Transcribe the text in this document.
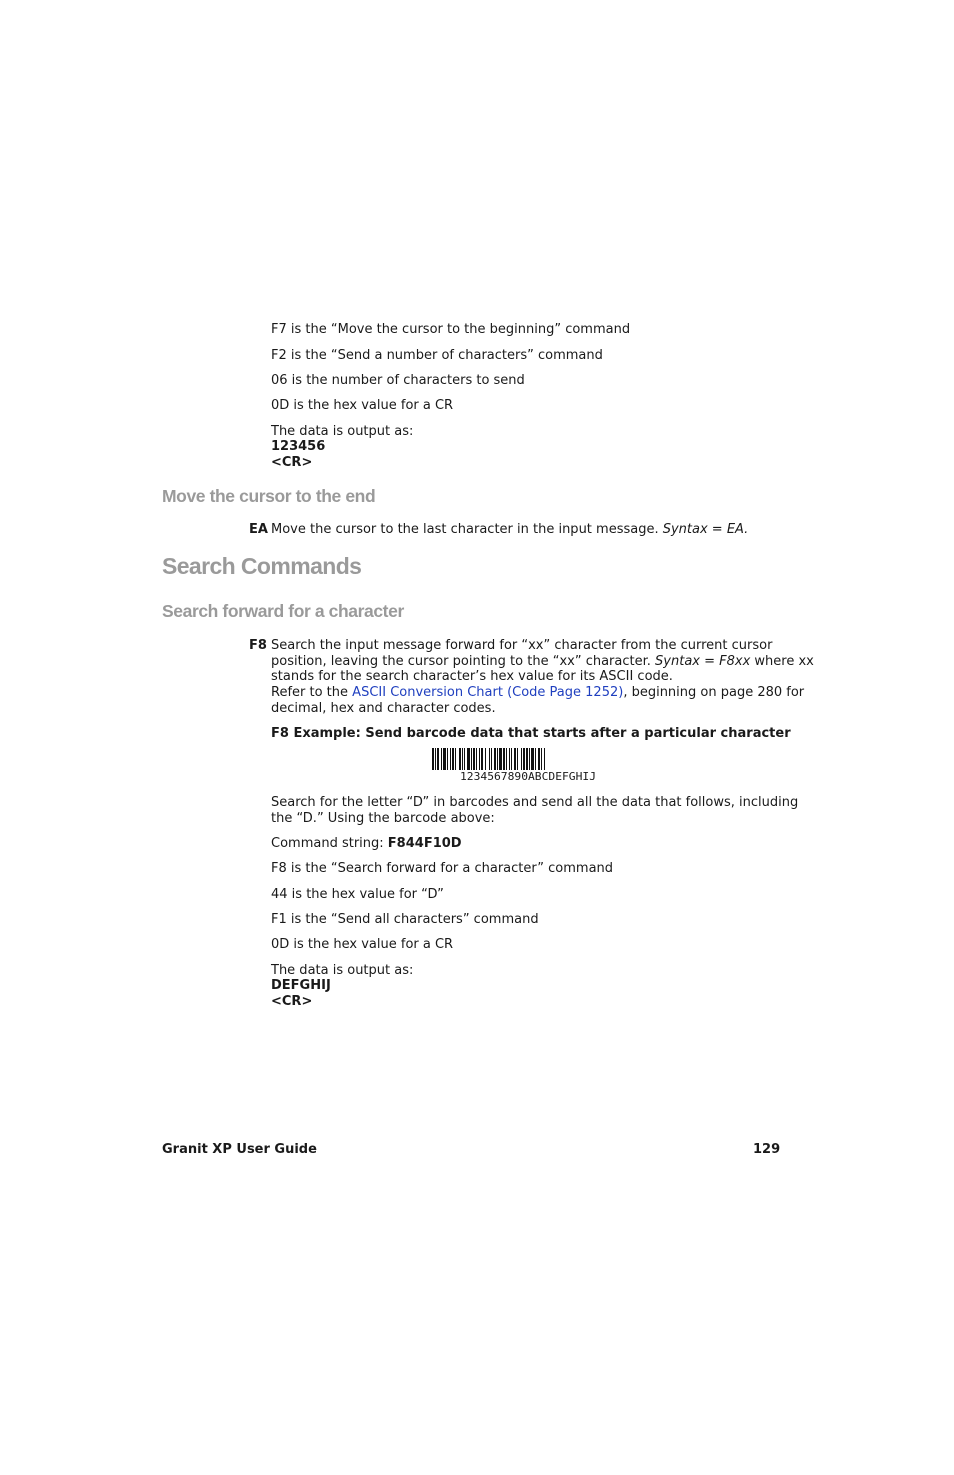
F7 is the “Move the cursor to the beginning” command
F2 is the “Send a number of characters” command
06 is the number of characters to send
0D is the hex value for a CR
The data is output as:
123456
<CR>
Move the cursor to the end
EA Move the cursor to the last character in the input message. Syntax = EA.
Search Commands
Search forward for a character
F8 Search the input message forward for “xx” character from the current cursor
position, leaving the cursor pointing to the “xx” character. Syntax = F8xx where xx
stands for the search character’s hex value for its ASCII code.
Refer to the ASCII Conversion Chart (Code Page 1252), beginning on page 280 for
decimal, hex and character codes.
F8 Example: Send barcode data that starts after a particular character
1234567890ABCDEFGHIJ
Search for the letter “D” in barcodes and send all the data that follows, including
the “D.” Using the barcode above:
Command string: F844F10D
F8 is the “Search forward for a character” command
44 is the hex value for “D”
F1 is the “Send all characters” command
0D is the hex value for a CR
The data is output as:
DEFGHIJ
<CR>
Granit XP User Guide	129
